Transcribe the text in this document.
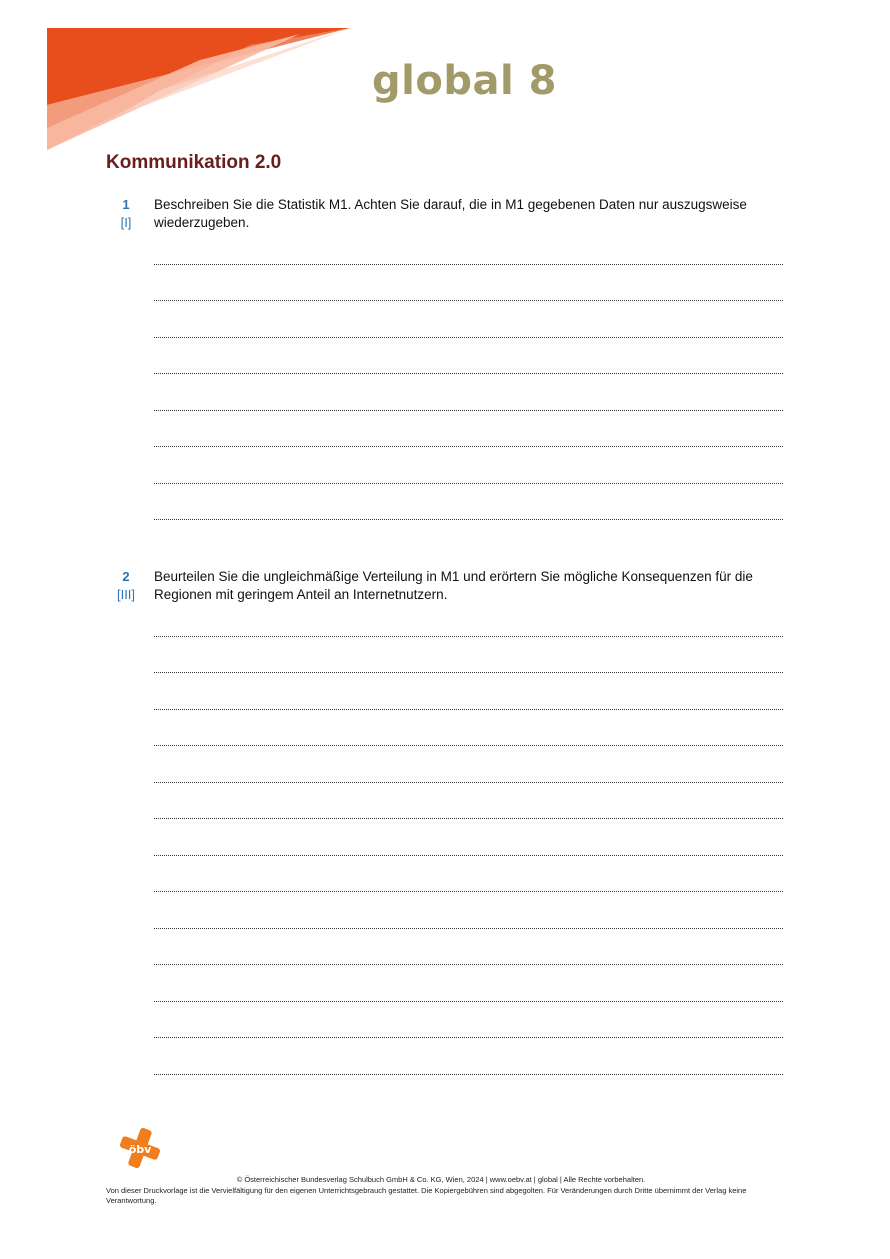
global 8
Kommunikation 2.0
1
[I]
Beschreiben Sie die Statistik M1. Achten Sie darauf, die in M1 gegebenen Daten nur auszugsweise wiederzugeben.
2
[III]
Beurteilen Sie die ungleichmäßige Verteilung in M1 und erörtern Sie mögliche Konsequenzen für die Regionen mit geringem Anteil an Internetnutzern.
öbv
© Österreichischer Bundesverlag Schulbuch GmbH & Co. KG, Wien, 2024 | www.oebv.at | global | Alle Rechte vorbehalten.
Von dieser Druckvorlage ist die Vervielfältigung für den eigenen Unterrichtsgebrauch gestattet. Die Kopiergebühren sind abgegolten. Für Veränderungen durch Dritte übernimmt der Verlag keine Verantwortung.
